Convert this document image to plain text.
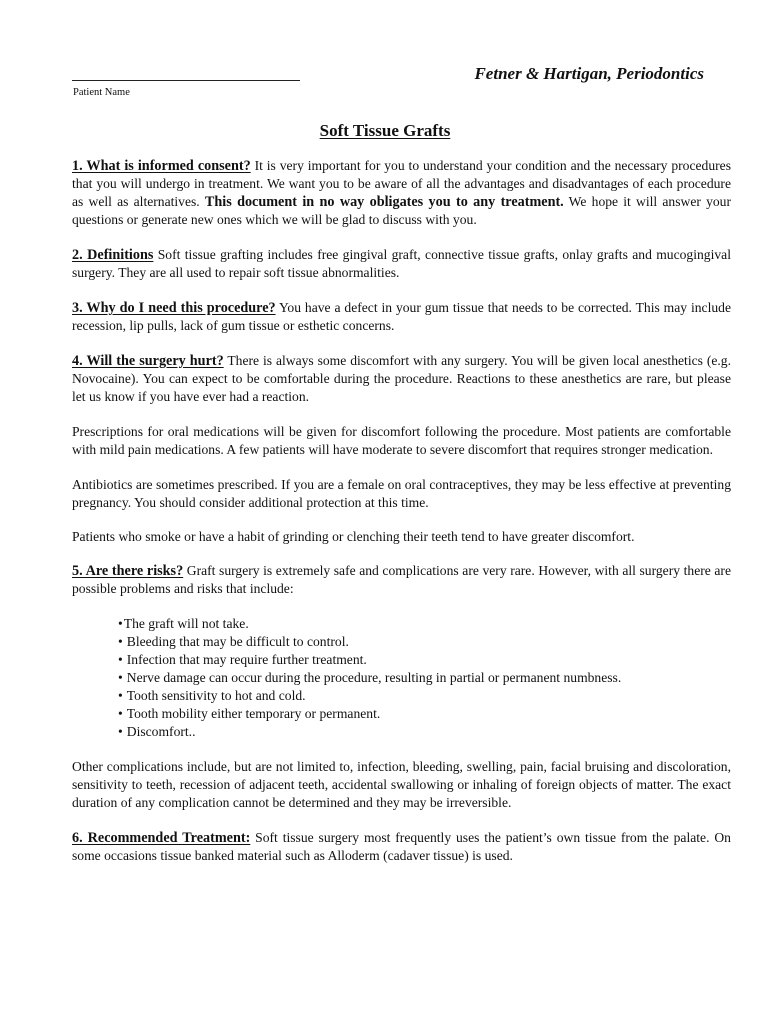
Patient Name
Fetner & Hartigan, Periodontics
Soft Tissue Grafts

1. What is informed consent? It is very important for you to understand your condition and the necessary procedures that you will undergo in treatment. We want you to be aware of all the advantages and disadvantages of each procedure as well as alternatives. This document in no way obligates you to any treatment. We hope it will answer your questions or generate new ones which we will be glad to discuss with you.

2. Definitions Soft tissue grafting includes free gingival graft, connective tissue grafts, onlay grafts and mucogingival surgery. They are all used to repair soft tissue abnormalities.

3. Why do I need this procedure? You have a defect in your gum tissue that needs to be corrected. This may include recession, lip pulls, lack of gum tissue or esthetic concerns.

4. Will the surgery hurt? There is always some discomfort with any surgery. You will be given local anesthetics (e.g. Novocaine). You can expect to be comfortable during the procedure. Reactions to these anesthetics are rare, but please let us know if you have ever had a reaction.

Prescriptions for oral medications will be given for discomfort following the procedure. Most patients are comfortable with mild pain medications. A few patients will have moderate to severe discomfort that requires stronger medication.

Antibiotics are sometimes prescribed. If you are a female on oral contraceptives, they may be less effective at preventing pregnancy. You should consider additional protection at this time.

Patients who smoke or have a habit of grinding or clenching their teeth tend to have greater discomfort.

5. Are there risks? Graft surgery is extremely safe and complications are very rare. However, with all surgery there are possible problems and risks that include:

•The graft will not take.
• Bleeding that may be difficult to control.
• Infection that may require further treatment.
• Nerve damage can occur during the procedure, resulting in partial or permanent numbness.
• Tooth sensitivity to hot and cold.
• Tooth mobility either temporary or permanent.
• Discomfort..

Other complications include, but are not limited to, infection, bleeding, swelling, pain, facial bruising and discoloration, sensitivity to teeth, recession of adjacent teeth, accidental swallowing or inhaling of foreign objects of matter. The exact duration of any complication cannot be determined and they may be irreversible.

6. Recommended Treatment: Soft tissue surgery most frequently uses the patient’s own tissue from the palate. On some occasions tissue banked material such as Alloderm (cadaver tissue) is used.
